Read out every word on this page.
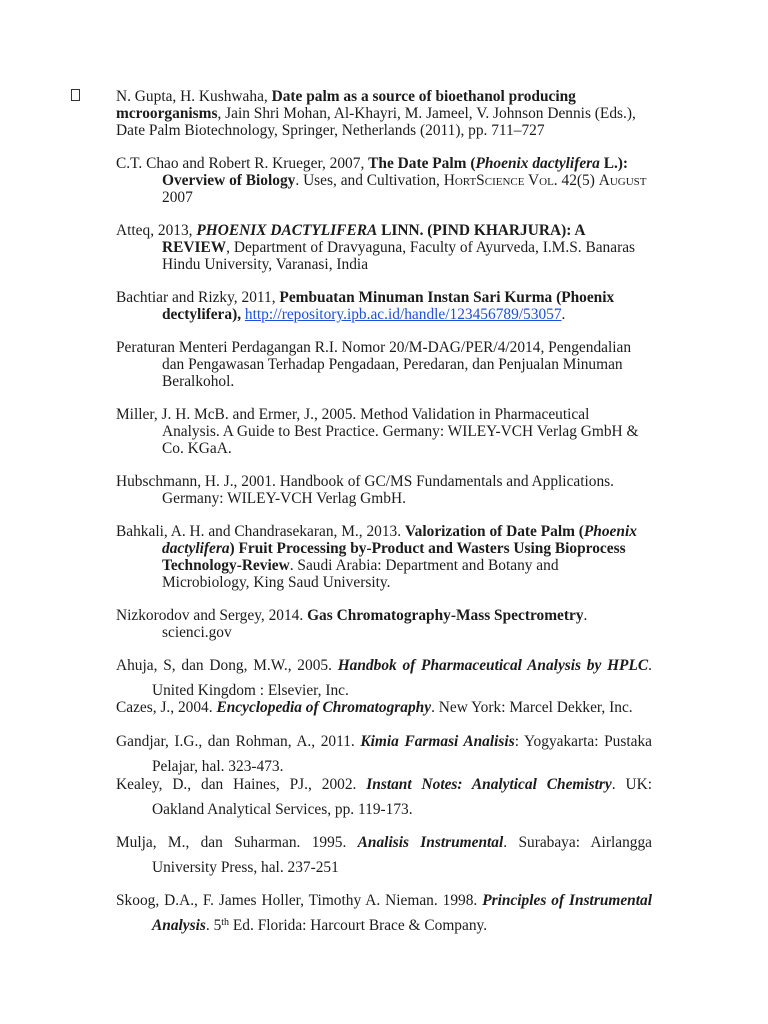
N. Gupta, H. Kushwaha, Date palm as a source of bioethanol producing
mcroorganisms, Jain Shri Mohan, Al-Khayri, M. Jameel, V. Johnson Dennis (Eds.),
Date Palm Biotechnology, Springer, Netherlands (2011), pp. 711–727
C.T. Chao and Robert R. Krueger, 2007, The Date Palm (Phoenix dactylifera L.):
Overview of Biology. Uses, and Cultivation, HortScience Vol. 42(5) August
2007
Atteq, 2013, PHOENIX DACTYLIFERA LINN. (PIND KHARJURA): A
REVIEW, Department of Dravyaguna, Faculty of Ayurveda, I.M.S. Banaras
Hindu University, Varanasi, India
Bachtiar and Rizky, 2011, Pembuatan Minuman Instan Sari Kurma (Phoenix
dectylifera), http://repository.ipb.ac.id/handle/123456789/53057.
Peraturan Menteri Perdagangan R.I. Nomor 20/M-DAG/PER/4/2014, Pengendalian
dan Pengawasan Terhadap Pengadaan, Peredaran, dan Penjualan Minuman
Beralkohol.
Miller, J. H. McB. and Ermer, J., 2005. Method Validation in Pharmaceutical
Analysis. A Guide to Best Practice. Germany: WILEY-VCH Verlag GmbH &
Co. KGaA.
Hubschmann, H. J., 2001. Handbook of GC/MS Fundamentals and Applications.
Germany: WILEY-VCH Verlag GmbH.
Bahkali, A. H. and Chandrasekaran, M., 2013. Valorization of Date Palm (Phoenix
dactylifera) Fruit Processing by-Product and Wasters Using Bioprocess
Technology-Review. Saudi Arabia: Department and Botany and
Microbiology, King Saud University.
Nizkorodov and Sergey, 2014. Gas Chromatography-Mass Spectrometry.
scienci.gov
Ahuja, S, dan Dong, M.W., 2005. Handbok of Pharmaceutical Analysis by HPLC.
United Kingdom : Elsevier, Inc.
Cazes, J., 2004. Encyclopedia of Chromatography. New York: Marcel Dekker, Inc.
Gandjar, I.G., dan Rohman, A., 2011. Kimia Farmasi Analisis: Yogyakarta: Pustaka
Pelajar, hal. 323-473.
Kealey, D., dan Haines, PJ., 2002. Instant Notes: Analytical Chemistry. UK:
Oakland Analytical Services, pp. 119-173.
Mulja, M., dan Suharman. 1995. Analisis Instrumental. Surabaya: Airlangga
University Press, hal. 237-251
Skoog, D.A., F. James Holler, Timothy A. Nieman. 1998. Principles of Instrumental
Analysis. 5th Ed. Florida: Harcourt Brace & Company.
